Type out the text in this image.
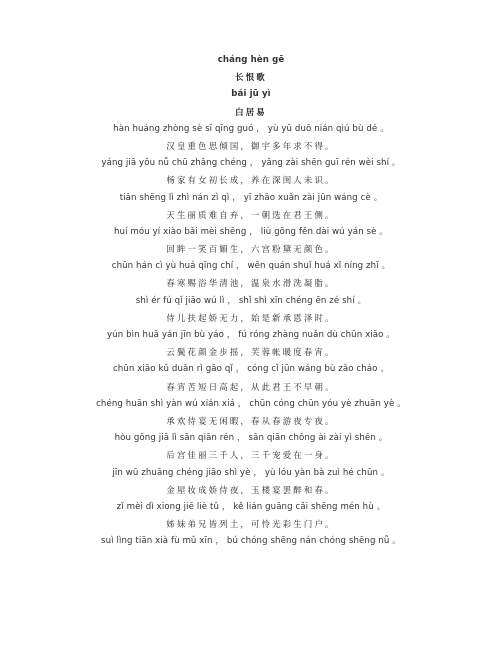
cháng hèn gē
长恨歌
bái jū yì
白居易
hàn huáng zhòng sè sī qīng guó ， yù yǔ duō nián qiú bù dé 。
汉皇重色思倾国，御宇多年求不得。
yáng jiā yǒu nǚ chū zhǎng chéng ， yǎng zài shēn guī rén wèi shí 。
杨家有女初长成，养在深闺人未识。
tiān shēng lì zhì nán zì qì ， yī zhāo xuǎn zài jūn wáng cè 。
天生丽质难自弃，一朝选在君王侧。
huí móu yí xiào bǎi mèi shēng ， liù gōng fěn dài wú yán sè 。
回眸一笑百媚生，六宫粉黛无颜色。
chūn hán cì yù huá qīng chí ， wēn quán shuǐ huá xǐ níng zhī 。
春寒赐浴华清池，温泉水滑洗凝脂。
shì ér fú qǐ jiāo wú lì ， shǐ shì xīn chéng ēn zé shí 。
侍儿扶起娇无力，始是新承恩泽时。
yún bìn huā yán jīn bù yáo ， fú róng zhàng nuǎn dù chūn xiāo 。
云鬓花颜金步摇，芙蓉帐暖度春宵。
chūn xiāo kǔ duǎn rì gāo qǐ ， cóng cǐ jūn wáng bù zǎo cháo 。
春宵苦短日高起，从此君王不早朝。
chéng huān shì yàn wú xián xiá ， chūn cóng chūn yóu yè zhuān yè 。
承欢侍宴无闲暇，春从春游夜专夜。
hòu gōng jiā lì sān qiān rén ， sān qiān chǒng ài zài yì shēn 。
后宫佳丽三千人，三千宠爱在一身。
jīn wū zhuāng chéng jiāo shì yè ， yù lóu yàn bà zuì hé chūn 。
金屋妆成娇侍夜，玉楼宴罢醉和春。
zǐ mèi dì xiong jiē liè tǔ ， kě lián guāng cǎi shēng mén hù 。
姊妹弟兄皆列土，可怜光彩生门户。
suì lìng tiān xià fù mǔ xīn ， bú chóng shēng nán chóng shēng nǚ 。
